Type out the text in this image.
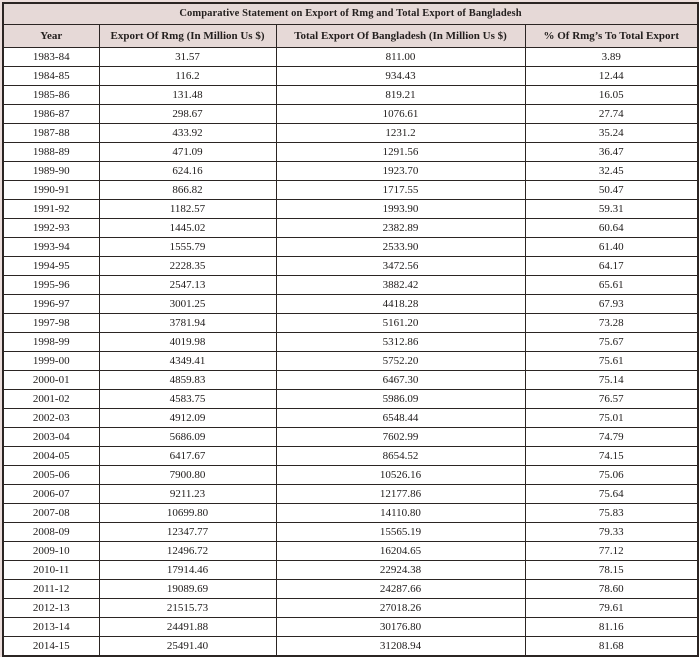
Comparative Statement on Export of Rmg and Total Export of Bangladesh			
Year	Export Of Rmg (In Million Us $)	Total Export Of Bangladesh (In Million Us $)	% Of Rmg’s To Total Export
1983-84	31.57	811.00	3.89
1984-85	116.2	934.43	12.44
1985-86	131.48	819.21	16.05
1986-87	298.67	1076.61	27.74
1987-88	433.92	1231.2	35.24
1988-89	471.09	1291.56	36.47
1989-90	624.16	1923.70	32.45
1990-91	866.82	1717.55	50.47
1991-92	1182.57	1993.90	59.31
1992-93	1445.02	2382.89	60.64
1993-94	1555.79	2533.90	61.40
1994-95	2228.35	3472.56	64.17
1995-96	2547.13	3882.42	65.61
1996-97	3001.25	4418.28	67.93
1997-98	3781.94	5161.20	73.28
1998-99	4019.98	5312.86	75.67
1999-00	4349.41	5752.20	75.61
2000-01	4859.83	6467.30	75.14
2001-02	4583.75	5986.09	76.57
2002-03	4912.09	6548.44	75.01
2003-04	5686.09	7602.99	74.79
2004-05	6417.67	8654.52	74.15
2005-06	7900.80	10526.16	75.06
2006-07	9211.23	12177.86	75.64
2007-08	10699.80	14110.80	75.83
2008-09	12347.77	15565.19	79.33
2009-10	12496.72	16204.65	77.12
2010-11	17914.46	22924.38	78.15
2011-12	19089.69	24287.66	78.60
2012-13	21515.73	27018.26	79.61
2013-14	24491.88	30176.80	81.16
2014-15	25491.40	31208.94	81.68
